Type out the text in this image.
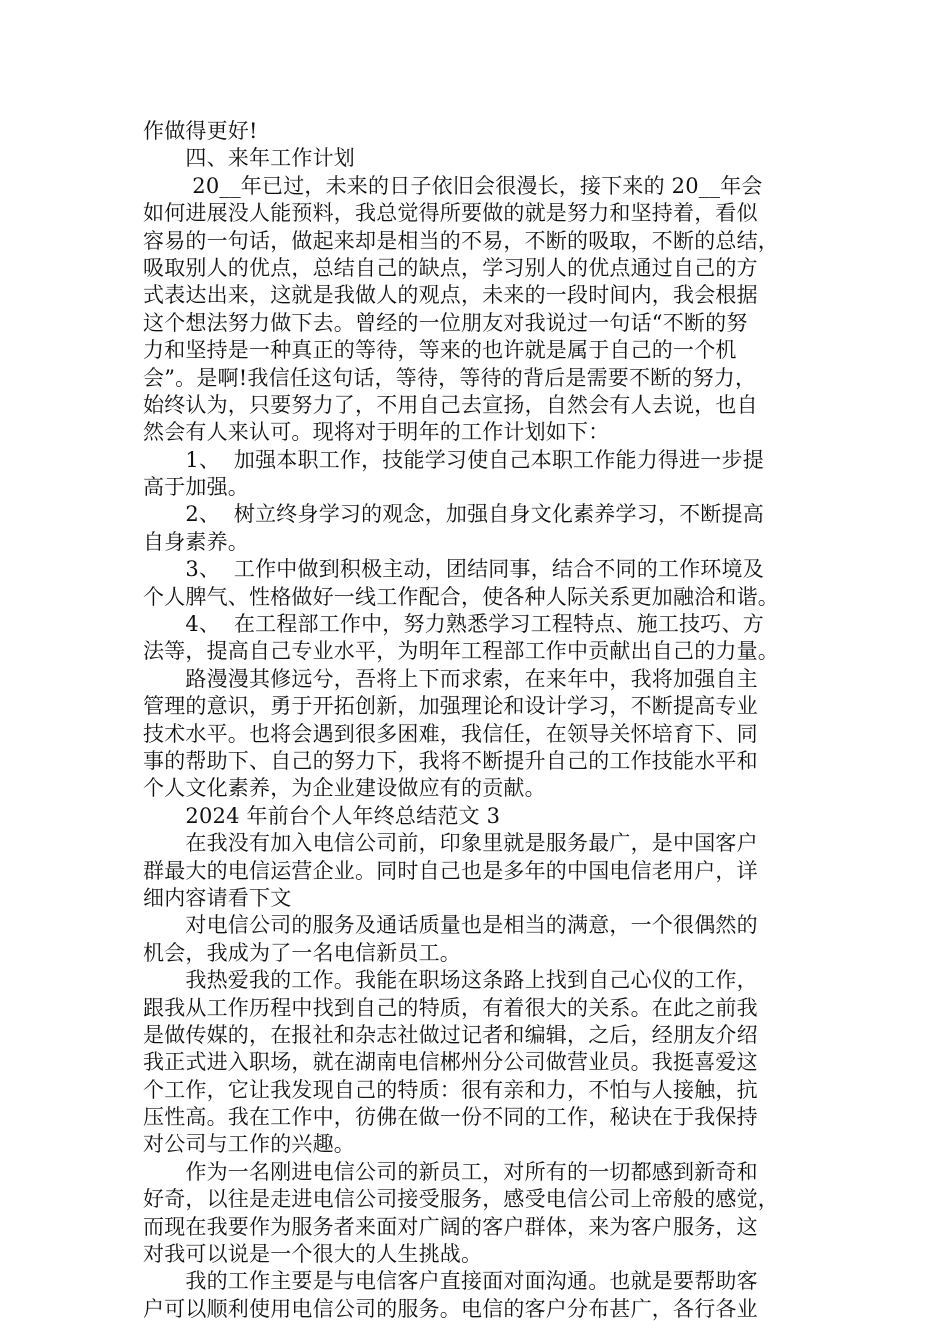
作做得更好!
　　四、来年工作计划
　　 20__年已过，未来的日子依旧会很漫长，接下来的 20__年会
如何进展没人能预料，我总觉得所要做的就是努力和坚持着，看似
容易的一句话，做起来却是相当的不易，不断的吸取，不断的总结，
吸取别人的优点，总结自己的缺点，学习别人的优点通过自己的方
式表达出来，这就是我做人的观点，未来的一段时间内，我会根据
这个想法努力做下去。曾经的一位朋友对我说过一句话“不断的努
力和坚持是一种真正的等待，等来的也许就是属于自己的一个机
会”。是啊!我信任这句话，等待，等待的背后是需要不断的努力，
始终认为，只要努力了，不用自己去宣扬，自然会有人去说，也自
然会有人来认可。现将对于明年的工作计划如下：
　　1、  加强本职工作，技能学习使自己本职工作能力得进一步提
高于加强。
　　2、  树立终身学习的观念，加强自身文化素养学习，不断提高
自身素养。
　　3、  工作中做到积极主动，团结同事，结合不同的工作环境及
个人脾气、性格做好一线工作配合，使各种人际关系更加融洽和谐。
　　4、  在工程部工作中，努力熟悉学习工程特点、施工技巧、方
法等，提高自己专业水平，为明年工程部工作中贡献出自己的力量。
　　路漫漫其修远兮，吾将上下而求索，在来年中，我将加强自主
管理的意识，勇于开拓创新，加强理论和设计学习，不断提高专业
技术水平。也将会遇到很多困难，我信任，在领导关怀培育下、同
事的帮助下、自己的努力下，我将不断提升自己的工作技能水平和
个人文化素养，为企业建设做应有的贡献。
　　2024 年前台个人年终总结范文 3
　　在我没有加入电信公司前，印象里就是服务最广，是中国客户
群最大的电信运营企业。同时自己也是多年的中国电信老用户，详
细内容请看下文
　　对电信公司的服务及通话质量也是相当的满意，一个很偶然的
机会，我成为了一名电信新员工。
　　我热爱我的工作。我能在职场这条路上找到自己心仪的工作，
跟我从工作历程中找到自己的特质，有着很大的关系。在此之前我
是做传媒的，在报社和杂志社做过记者和编辑，之后，经朋友介绍
我正式进入职场，就在湖南电信郴州分公司做营业员。我挺喜爱这
个工作，它让我发现自己的特质：很有亲和力，不怕与人接触，抗
压性高。我在工作中，彷佛在做一份不同的工作，秘诀在于我保持
对公司与工作的兴趣。
　　作为一名刚进电信公司的新员工，对所有的一切都感到新奇和
好奇，以往是走进电信公司接受服务，感受电信公司上帝般的感觉，
而现在我要作为服务者来面对广阔的客户群体，来为客户服务，这
对我可以说是一个很大的人生挑战。
　　我的工作主要是与电信客户直接面对面沟通。也就是要帮助客
户可以顺利使用电信公司的服务。电信的客户分布甚广，各行各业
